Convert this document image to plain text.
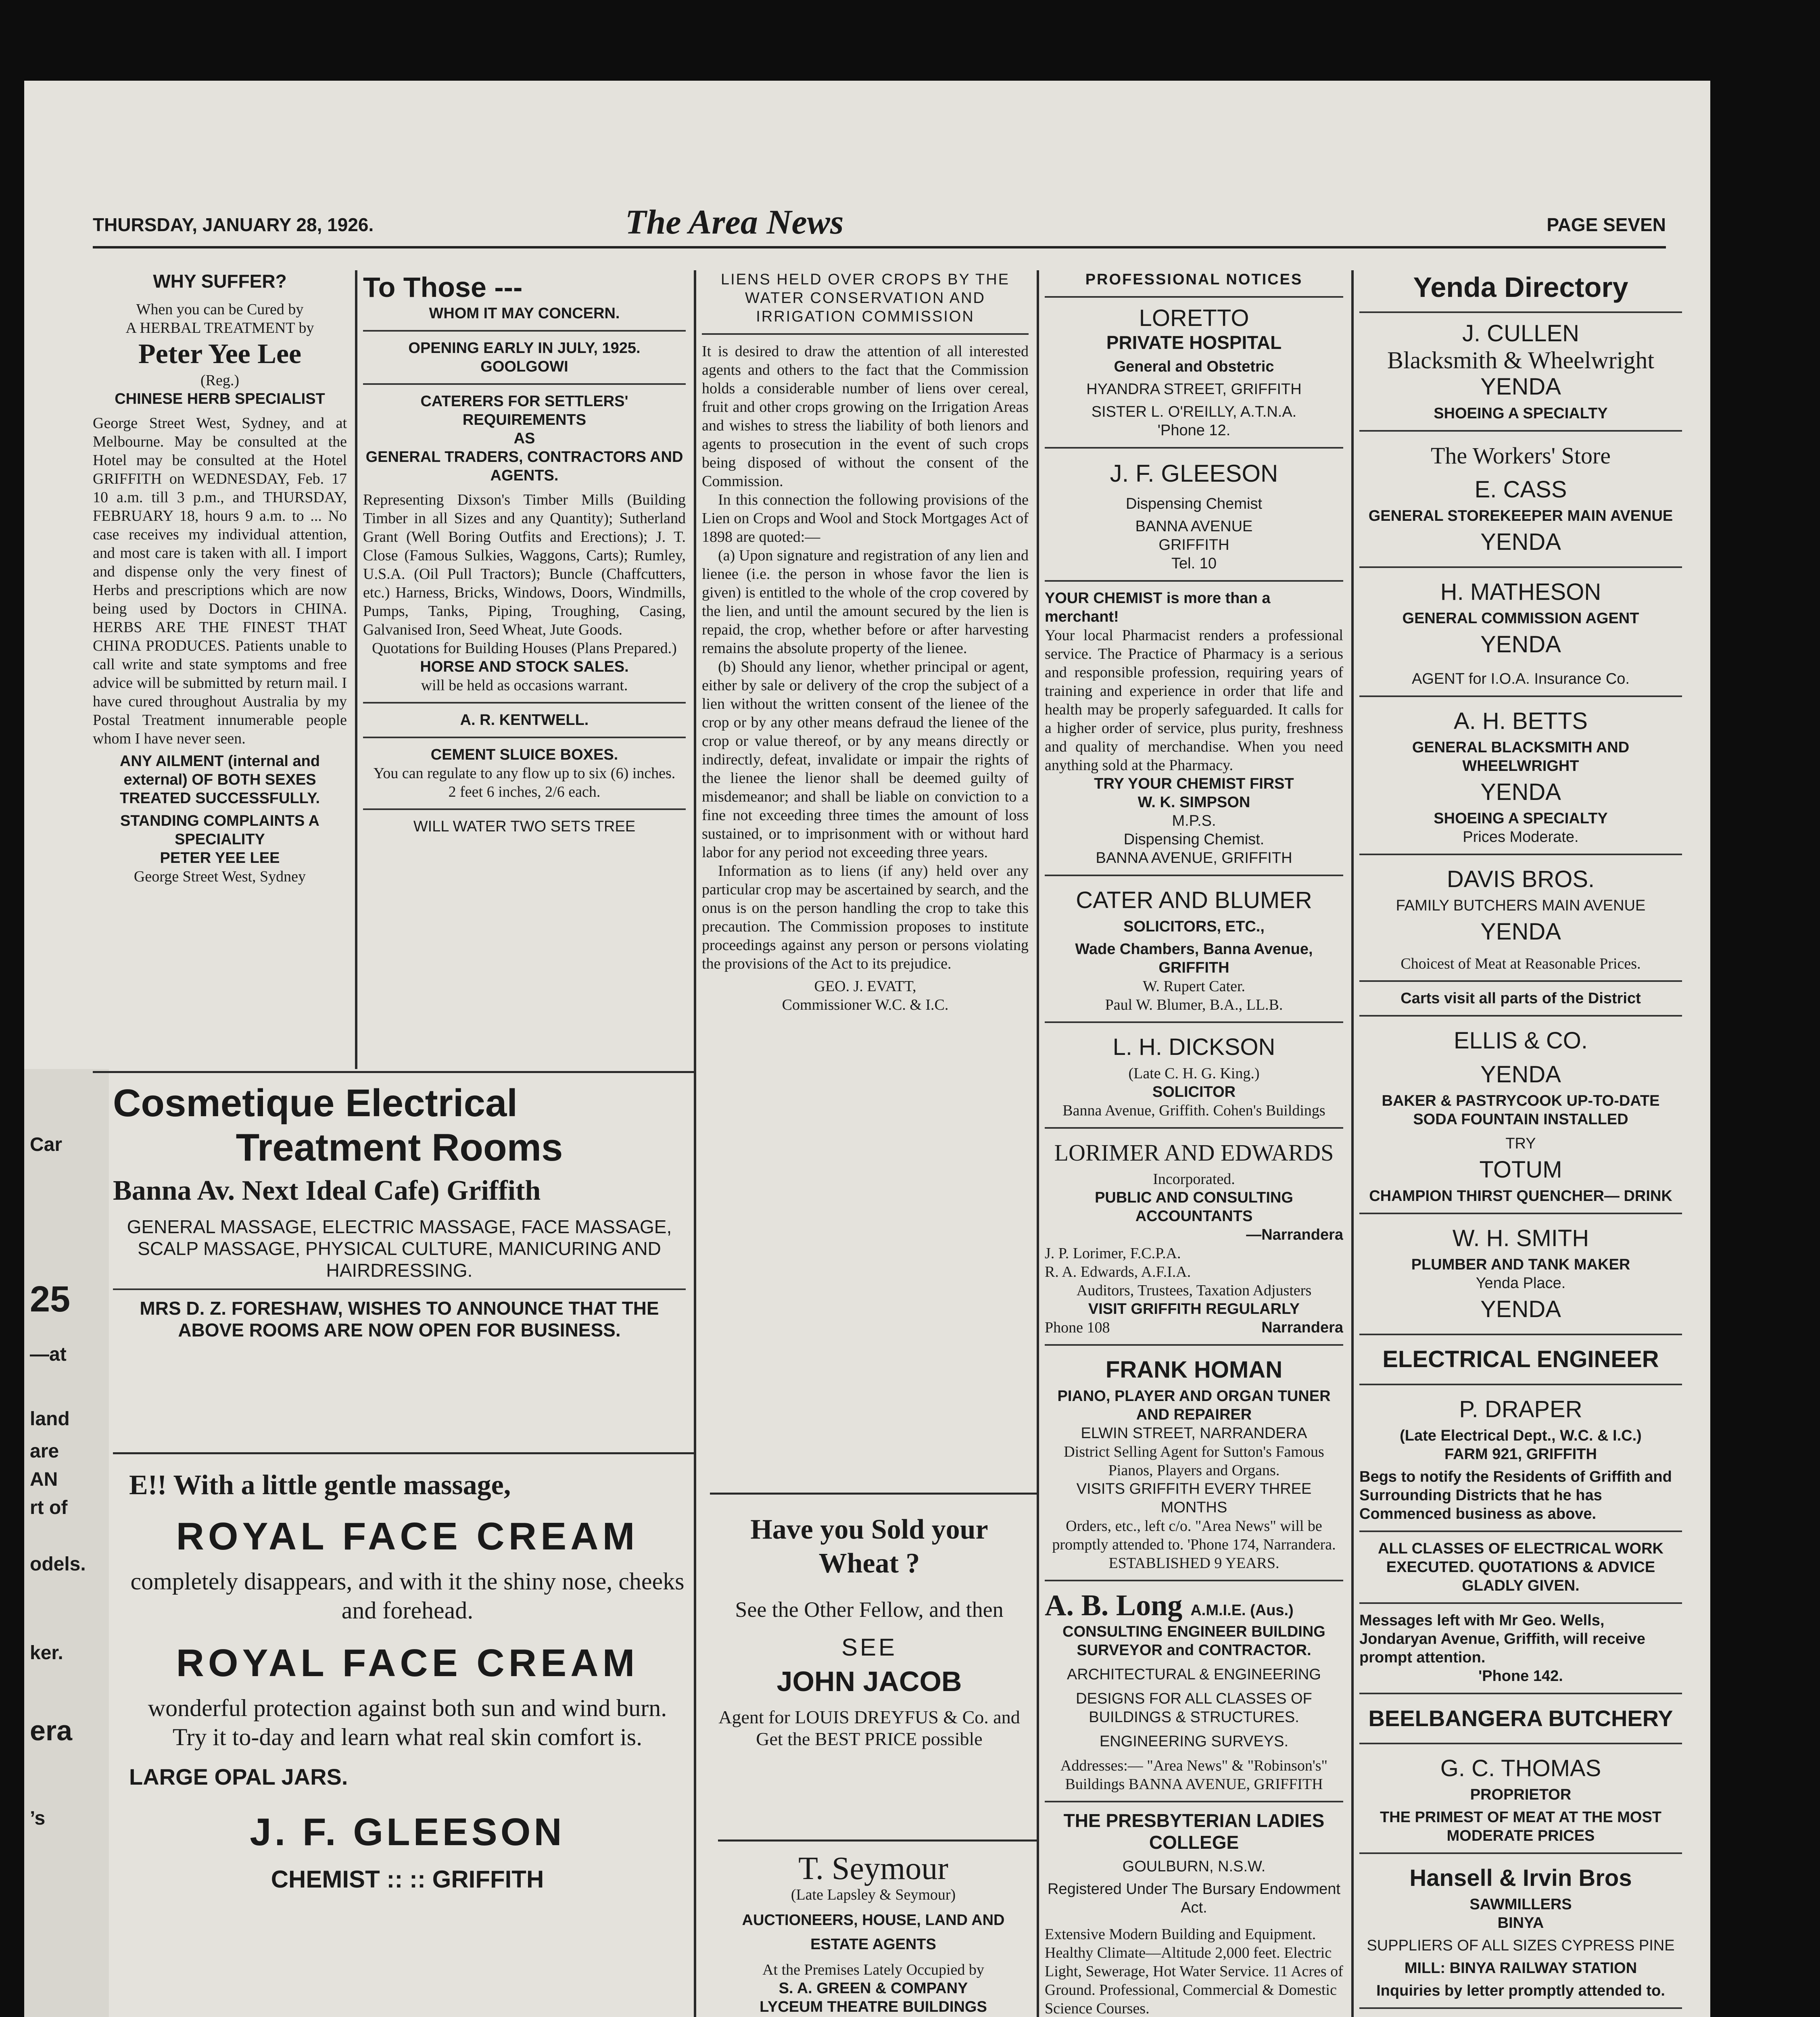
Car
25
—at
land
are
AN
rt of
odels.
ker.
era
’s
THURSDAY, JANUARY 28, 1926.	The Area News	PAGE SEVEN

WHY SUFFER?

When you can be Cured by

A HERBAL TREATMENT by

Peter Yee Lee

(Reg.)

CHINESE HERB SPECIALIST

George Street West, Sydney, and at Melbourne. May be consulted at the Hotel may be consulted at the Hotel GRIFFITH on WEDNESDAY, Feb. 17 10 a.m. till 3 p.m., and THURSDAY, FEBRUARY 18, hours 9 a.m. to ... No case receives my individual attention, and most care is taken with all. I import and dispense only the very finest of Herbs and prescriptions which are now being used by Doctors in CHINA. HERBS ARE THE FINEST THAT CHINA PRODUCES. Patients unable to call write and state symptoms and free advice will be submitted by return mail. I have cured throughout Australia by my Postal Treatment innumerable people whom I have never seen.

ANY AILMENT (internal and external) OF BOTH SEXES TREATED SUCCESSFULLY.

STANDING COMPLAINTS A SPECIALITY

PETER YEE LEE

George Street West, Sydney

To Those ---

WHOM IT MAY CONCERN.

OPENING EARLY IN JULY, 1925. GOOLGOWI

CATERERS FOR SETTLERS' REQUIREMENTS

AS

GENERAL TRADERS, CONTRACTORS AND AGENTS.

Representing Dixson's Timber Mills (Building Timber in all Sizes and any Quantity); Sutherland Grant (Well Boring Outfits and Erections); J. T. Close (Famous Sulkies, Waggons, Carts); Rumley, U.S.A. (Oil Pull Tractors); Buncle (Chaffcutters, etc.) Harness, Bricks, Windows, Doors, Windmills, Pumps, Tanks, Piping, Troughing, Casing, Galvanised Iron, Seed Wheat, Jute Goods.

Quotations for Building Houses (Plans Prepared.)

HORSE AND STOCK SALES.

will be held as occasions warrant.

A. R. KENTWELL.

CEMENT SLUICE BOXES.

You can regulate to any flow up to six (6) inches.

2 feet 6 inches, 2/6 each.

WILL WATER TWO SETS TREE

Cosmetique Electrical

Treatment Rooms

Banna Av. Next Ideal Cafe) Griffith

GENERAL MASSAGE, ELECTRIC MASSAGE, FACE MASSAGE, SCALP MASSAGE, PHYSICAL CULTURE, MANICURING AND HAIRDRESSING.

MRS D. Z. FORESHAW, WISHES TO ANNOUNCE THAT THE ABOVE ROOMS ARE NOW OPEN FOR BUSINESS.

E!! With a little gentle massage,

ROYAL FACE CREAM

completely disappears, and with it the shiny nose, cheeks and forehead.

ROYAL FACE CREAM

wonderful protection against both sun and wind burn. Try it to-day and learn what real skin comfort is.

LARGE OPAL JARS.

J. F. GLEESON

CHEMIST :: :: GRIFFITH

LIENS HELD OVER CROPS BY THE WATER CONSERVATION AND IRRIGATION COMMISSION

It is desired to draw the attention of all interested agents and others to the fact that the Commission holds a considerable number of liens over cereal, fruit and other crops growing on the Irrigation Areas and wishes to stress the liability of both lienors and agents to prosecution in the event of such crops being disposed of without the consent of the Commission.

In this connection the following provisions of the Lien on Crops and Wool and Stock Mortgages Act of 1898 are quoted:—

(a) Upon signature and registration of any lien and lienee (i.e. the person in whose favor the lien is given) is entitled to the whole of the crop covered by the lien, and until the amount secured by the lien is repaid, the crop, whether before or after harvesting remains the absolute property of the lienee.

(b) Should any lienor, whether principal or agent, either by sale or delivery of the crop the subject of a lien without the written consent of the lienee of the crop or by any other means defraud the lienee of the crop or value thereof, or by any means directly or indirectly, defeat, invalidate or impair the rights of the lienee the lienor shall be deemed guilty of misdemeanor; and shall be liable on conviction to a fine not exceeding three times the amount of loss sustained, or to imprisonment with or without hard labor for any period not exceeding three years.

Information as to liens (if any) held over any particular crop may be ascertained by search, and the onus is on the person handling the crop to take this precaution. The Commission proposes to institute proceedings against any person or persons violating the provisions of the Act to its prejudice.

GEO. J. EVATT,

Commissioner W.C. & I.C.

Have you Sold your Wheat ?

See the Other Fellow, and then

SEE

JOHN JACOB

Agent for LOUIS DREYFUS & Co. and Get the BEST PRICE possible

T. Seymour

(Late Lapsley & Seymour)

AUCTIONEERS, HOUSE, LAND AND ESTATE AGENTS

At the Premises Lately Occupied by

S. A. GREEN & COMPANY

LYCEUM THEATRE BUILDINGS

PROFESSIONAL NOTICES

LORETTO

PRIVATE HOSPITAL

General and Obstetric

HYANDRA STREET, GRIFFITH

SISTER L. O'REILLY, A.T.N.A.

'Phone 12.

J. F. GLEESON

Dispensing Chemist

BANNA AVENUE

GRIFFITH

Tel. 10

YOUR CHEMIST is more than a merchant!

Your local Pharmacist renders a professional service. The Practice of Pharmacy is a serious and responsible profession, requiring years of training and experience in order that life and health may be properly safeguarded. It calls for a higher order of service, plus purity, freshness and quality of merchandise. When you need anything sold at the Pharmacy.

TRY YOUR CHEMIST FIRST

W. K. SIMPSON

M.P.S.

Dispensing Chemist.

BANNA AVENUE, GRIFFITH

CATER AND BLUMER

SOLICITORS, ETC.,

Wade Chambers, Banna Avenue, GRIFFITH

W. Rupert Cater.

Paul W. Blumer, B.A., LL.B.

L. H. DICKSON

(Late C. H. G. King.)

SOLICITOR

Banna Avenue, Griffith. Cohen's Buildings

LORIMER AND EDWARDS

Incorporated.

PUBLIC AND CONSULTING ACCOUNTANTS

—Narrandera

J. P. Lorimer, F.C.P.A.

R. A. Edwards, A.F.I.A.

Auditors, Trustees, Taxation Adjusters

VISIT GRIFFITH REGULARLY

Phone 108	Narrandera

FRANK HOMAN

PIANO, PLAYER AND ORGAN TUNER AND REPAIRER

ELWIN STREET, NARRANDERA

District Selling Agent for Sutton's Famous Pianos, Players and Organs.

VISITS GRIFFITH EVERY THREE MONTHS

Orders, etc., left c/o. "Area News" will be promptly attended to. 'Phone 174, Narrandera. ESTABLISHED 9 YEARS.

A. B. Long A.M.I.E. (Aus.)

CONSULTING ENGINEER BUILDING SURVEYOR and CONTRACTOR.

ARCHITECTURAL & ENGINEERING

DESIGNS FOR ALL CLASSES OF BUILDINGS & STRUCTURES.

ENGINEERING SURVEYS.

Addresses:— "Area News" & "Robinson's" Buildings BANNA AVENUE, GRIFFITH

THE PRESBYTERIAN LADIES COLLEGE

GOULBURN, N.S.W.

Registered Under The Bursary Endowment Act.

Extensive Modern Building and Equipment. Healthy Climate—Altitude 2,000 feet. Electric Light, Sewerage, Hot Water Service. 11 Acres of Ground. Professional, Commercial & Domestic Science Courses.

Yenda Directory

J. CULLEN

Blacksmith & Wheelwright

YENDA

SHOEING A SPECIALTY

The Workers' Store

E. CASS

GENERAL STOREKEEPER MAIN AVENUE

YENDA

H. MATHESON

GENERAL COMMISSION AGENT

YENDA

AGENT for I.O.A. Insurance Co.

A. H. BETTS

GENERAL BLACKSMITH AND WHEELWRIGHT

YENDA

SHOEING A SPECIALTY

Prices Moderate.

DAVIS BROS.

FAMILY BUTCHERS MAIN AVENUE

YENDA

Choicest of Meat at Reasonable Prices.

Carts visit all parts of the District

ELLIS & CO.

YENDA

BAKER & PASTRYCOOK UP-TO-DATE SODA FOUNTAIN INSTALLED

TRY

TOTUM

CHAMPION THIRST QUENCHER— DRINK

W. H. SMITH

PLUMBER AND TANK MAKER

Yenda Place.

YENDA

ELECTRICAL ENGINEER

P. DRAPER

(Late Electrical Dept., W.C. & I.C.)

FARM 921, GRIFFITH

Begs to notify the Residents of Griffith and Surrounding Districts that he has Commenced business as above.

ALL CLASSES OF ELECTRICAL WORK EXECUTED. QUOTATIONS & ADVICE GLADLY GIVEN.

Messages left with Mr Geo. Wells, Jondaryan Avenue, Griffith, will receive prompt attention.

'Phone 142.

BEELBANGERA BUTCHERY

G. C. THOMAS

PROPRIETOR

THE PRIMEST OF MEAT AT THE MOST MODERATE PRICES

Hansell & Irvin Bros

SAWMILLERS

BINYA

SUPPLIERS OF ALL SIZES CYPRESS PINE

MILL: BINYA RAILWAY STATION

Inquiries by letter promptly attended to.
